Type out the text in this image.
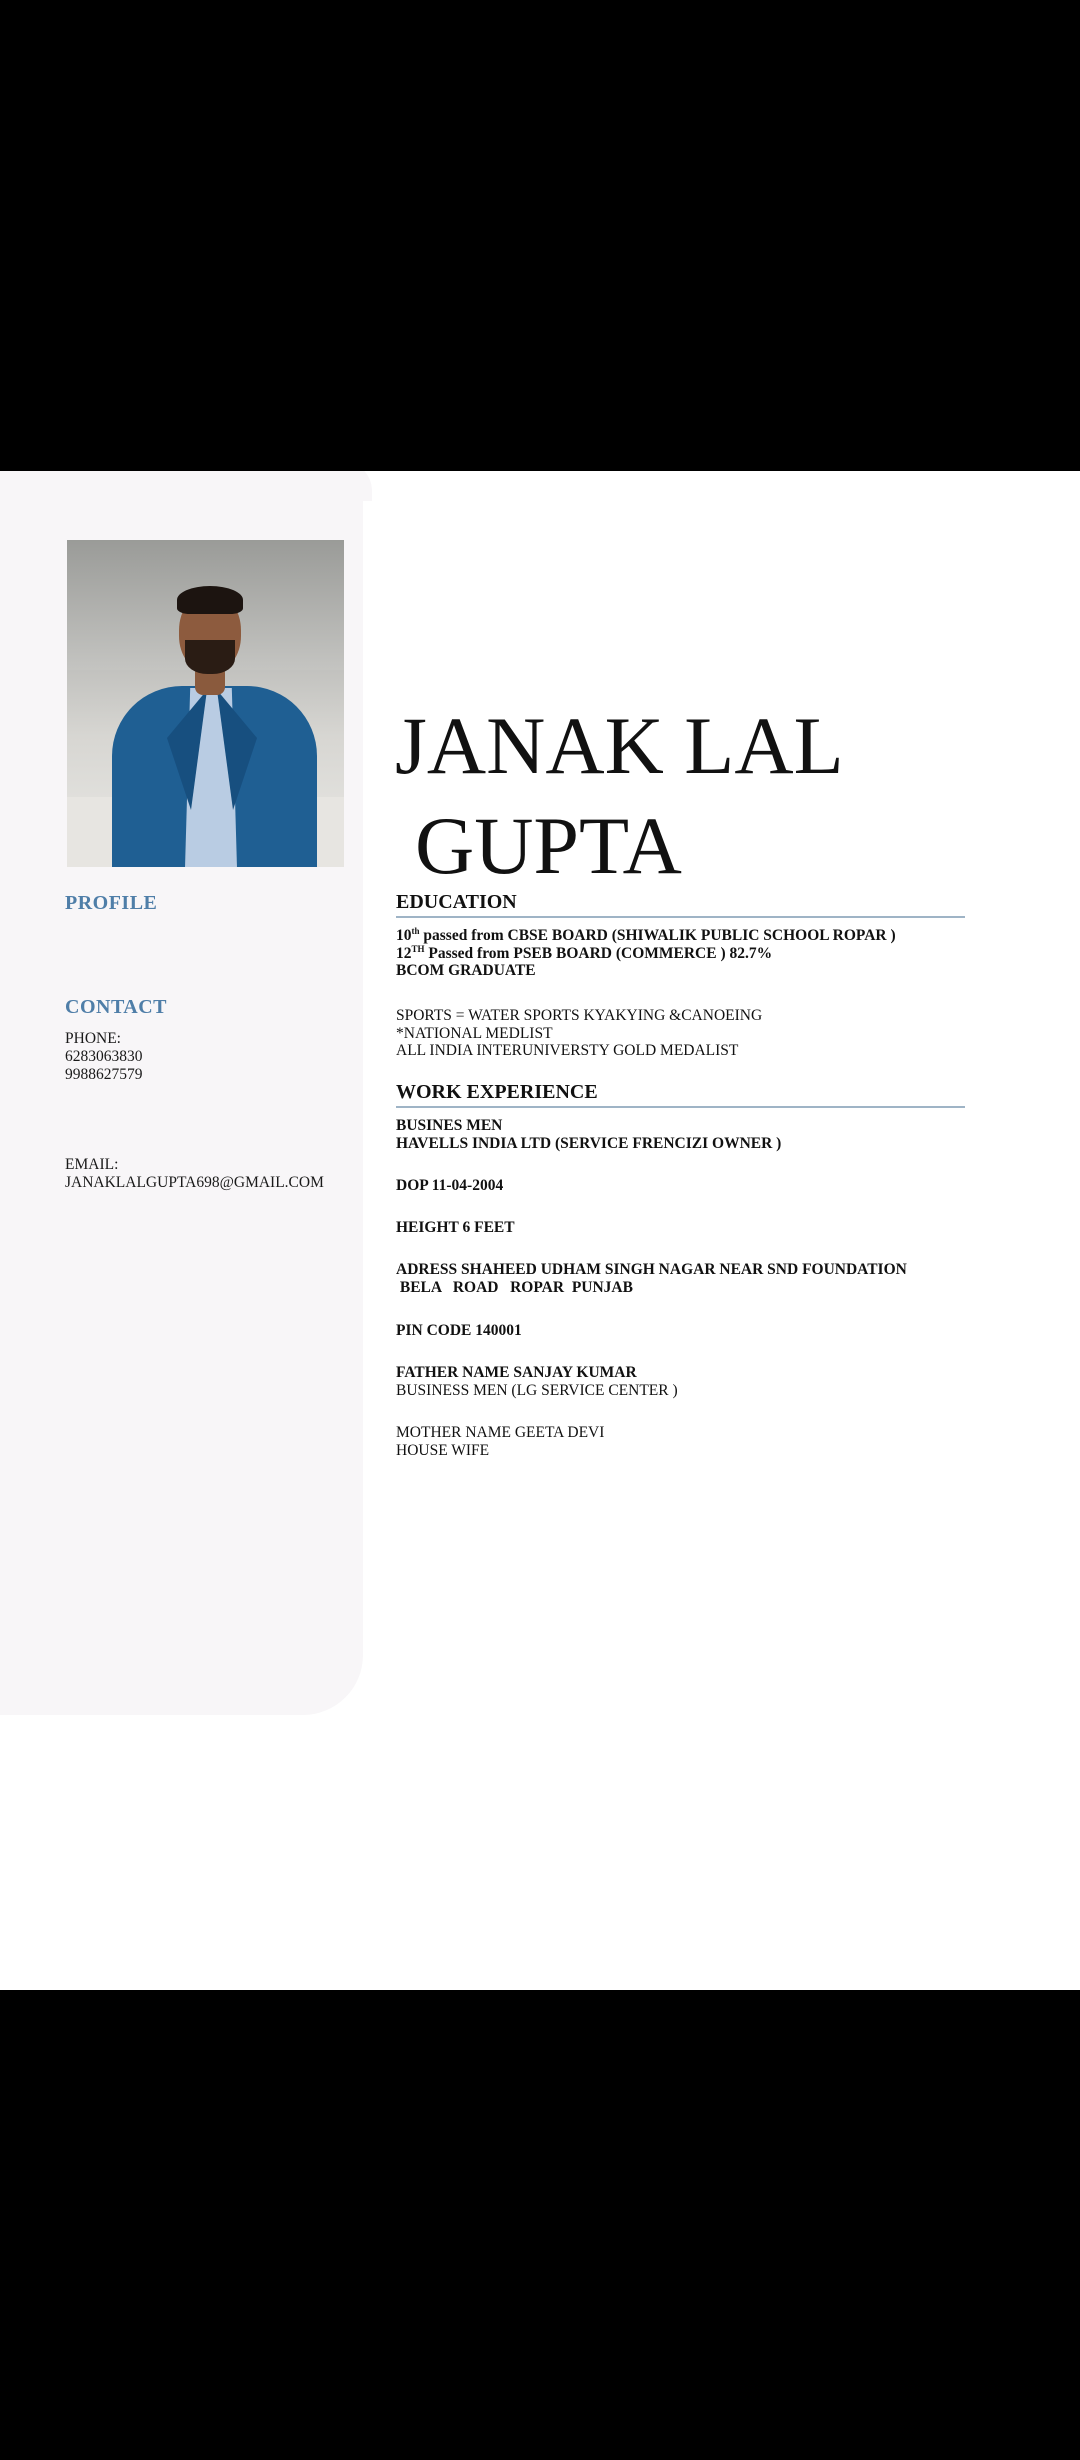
PROFILE
CONTACT
PHONE:
6283063830
9988627579
EMAIL:
JANAKLALGUPTA698@GMAIL.COM
JANAK LAL
GUPTA
EDUCATION
10th passed from CBSE BOARD (SHIWALIK PUBLIC SCHOOL ROPAR )
12TH Passed from PSEB BOARD (COMMERCE ) 82.7%
BCOM GRADUATE
SPORTS = WATER SPORTS KYAKYING &CANOEING
*NATIONAL MEDLIST
ALL INDIA INTERUNIVERSTY GOLD MEDALIST
WORK EXPERIENCE
BUSINES MEN
HAVELLS INDIA LTD (SERVICE FRENCIZI OWNER )
DOP 11-04-2004
HEIGHT 6 FEET
ADRESS SHAHEED UDHAM SINGH NAGAR NEAR SND FOUNDATION
BELA   ROAD   ROPAR  PUNJAB
PIN CODE 140001
FATHER NAME SANJAY KUMAR
BUSINESS MEN (LG SERVICE CENTER )
MOTHER NAME GEETA DEVI
HOUSE WIFE
